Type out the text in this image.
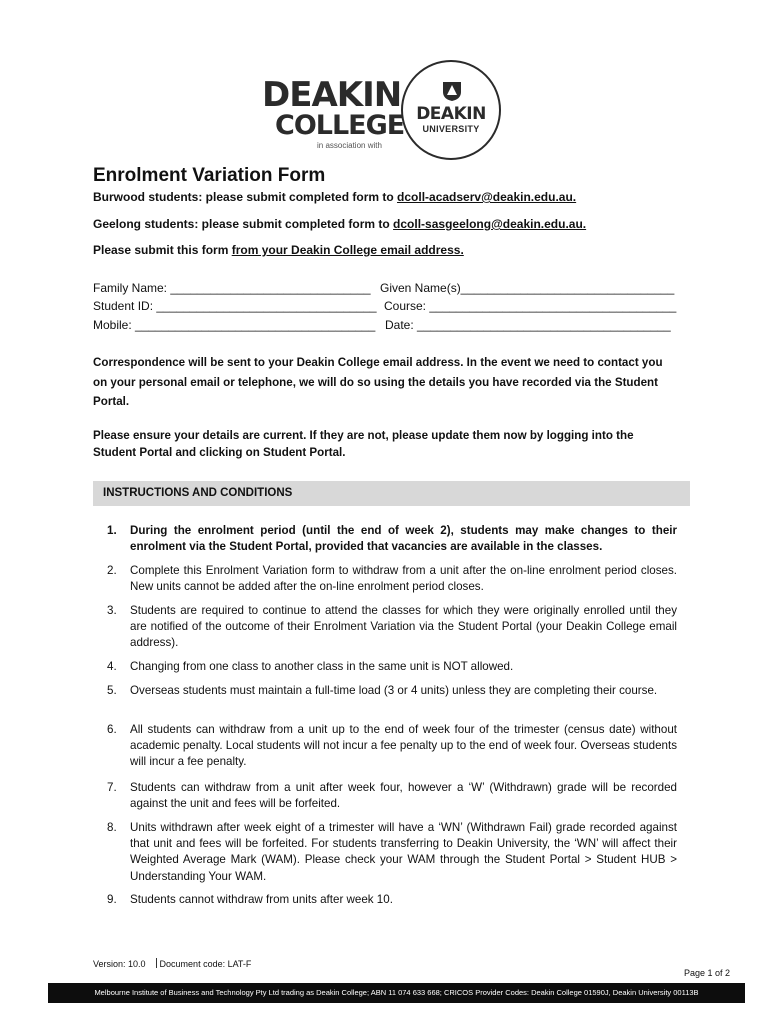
DEAKIN
COLLEGE
in association with
DEAKIN
UNIVERSITY
Enrolment Variation Form
Burwood students: please submit completed form to dcoll-acadserv@deakin.edu.au.
Geelong students: please submit completed form to dcoll-sasgeelong@deakin.edu.au.
Please submit this form from your Deakin College email address.
Family Name: ______________________________ Given Name(s)________________________________
Student ID: _________________________________ Course: _____________________________________
Mobile: ____________________________________ Date: ______________________________________
Correspondence will be sent to your Deakin College email address. In the event we need to contact you on your personal email or telephone, we will do so using the details you have recorded via the Student Portal.
Please ensure your details are current. If they are not, please update them now by logging into the Student Portal and clicking on Student Portal.
INSTRUCTIONS AND CONDITIONS
1. During the enrolment period (until the end of week 2), students may make changes to their enrolment via the Student Portal, provided that vacancies are available in the classes.
2. Complete this Enrolment Variation form to withdraw from a unit after the on-line enrolment period closes. New units cannot be added after the on-line enrolment period closes.
3. Students are required to continue to attend the classes for which they were originally enrolled until they are notified of the outcome of their Enrolment Variation via the Student Portal (your Deakin College email address).
4. Changing from one class to another class in the same unit is NOT allowed.
5. Overseas students must maintain a full-time load (3 or 4 units) unless they are completing their course.
6. All students can withdraw from a unit up to the end of week four of the trimester (census date) without academic penalty. Local students will not incur a fee penalty up to the end of week four. Overseas students will incur a fee penalty.
7. Students can withdraw from a unit after week four, however a ‘W’ (Withdrawn) grade will be recorded against the unit and fees will be forfeited.
8. Units withdrawn after week eight of a trimester will have a ‘WN’ (Withdrawn Fail) grade recorded against that unit and fees will be forfeited. For students transferring to Deakin University, the ‘WN’ will affect their Weighted Average Mark (WAM). Please check your WAM through the Student Portal > Student HUB > Understanding Your WAM.
9. Students cannot withdraw from units after week 10.
Version: 10.0 Document code: LAT-F
Page 1 of 2
Melbourne Institute of Business and Technology Pty Ltd trading as Deakin College; ABN 11 074 633 668; CRICOS Provider Codes: Deakin College 01590J, Deakin University 00113B
